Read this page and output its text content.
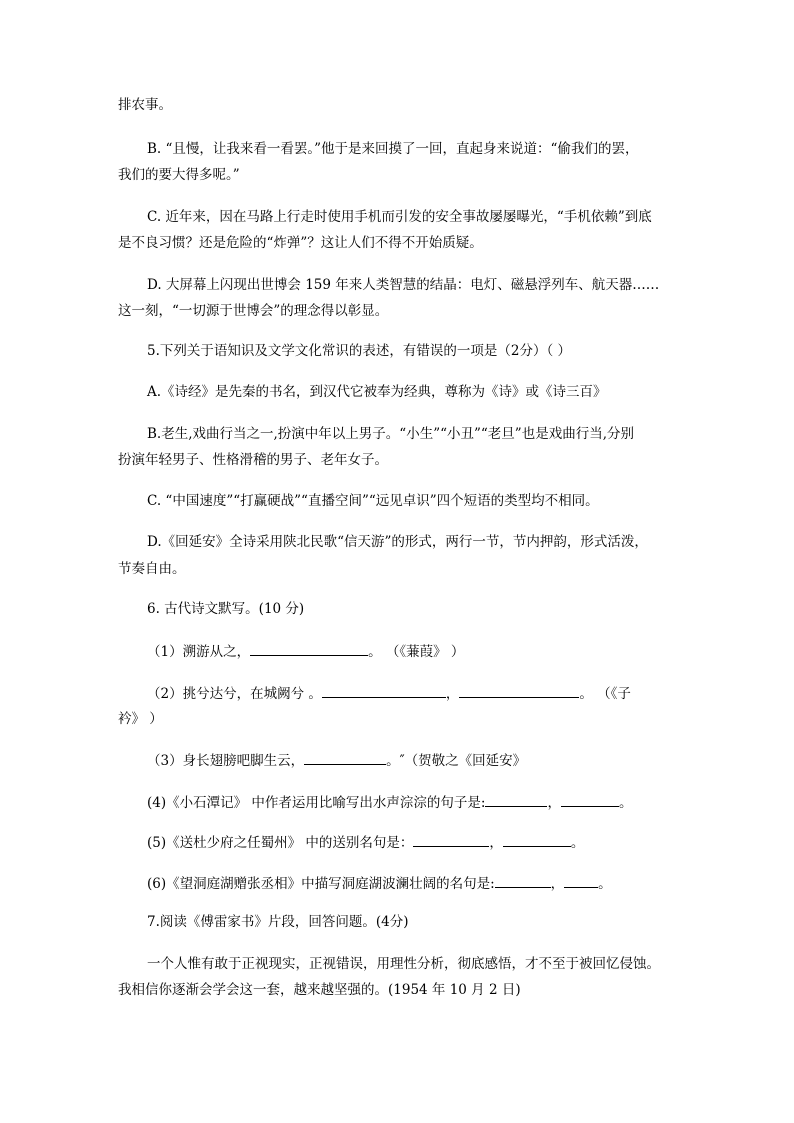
排农事。
B. “且慢，让我来看一看罢。”他于是来回摸了一回，直起身来说道：“偷我们的罢，
我们的要大得多呢。”
C. 近年来，因在马路上行走时使用手机而引发的安全事故屡屡曝光，“手机依赖”到底
是不良习惯？还是危险的“炸弹”？这让人们不得不开始质疑。
D. 大屏幕上闪现出世博会 159 年来人类智慧的结晶：电灯、磁悬浮列车、航天器……
这一刻，“一切源于世博会”的理念得以彰显。
5.下列关于语知识及文学文化常识的表述，有错误的一项是（2分）（ ）
A.《诗经》是先秦的书名，到汉代它被奉为经典，尊称为《诗》或《诗三百》
B.老生,戏曲行当之一,扮演中年以上男子。“小生”“小丑”“老旦”也是戏曲行当,分别
扮演年轻男子、性格滑稽的男子、老年女子。
C. “中国速度”“打赢硬战”“直播空间”“远见卓识”四个短语的类型均不相同。
D.《回延安》全诗采用陕北民歌“信天游”的形式，两行一节，节内押韵，形式活泼，
节奏自由。
6. 古代诗文默写。(10 分)
（1）溯游从之，	。 （《蒹葭》 ）
（2）挑兮达兮，在城阙兮 。	，	。 （《子
衿》 ）
（3）身长翅膀吧脚生云，	。″（贺敬之《回延安》
(4)《小石潭记》 中作者运用比喻写出水声淙淙的句子是:	，	。
(5)《送杜少府之任蜀州》 中的送别名句是：	，	。
(6)《望洞庭湖赠张丞相》中描写洞庭湖波澜壮阔的名句是:	，	。
7.阅读《傅雷家书》片段，回答问题。(4分)
一个人惟有敢于正视现实，正视错误，用理性分析，彻底感悟，才不至于被回忆侵蚀。
我相信你逐渐会学会这一套，越来越坚强的。(1954 年 10 月 2 日)
